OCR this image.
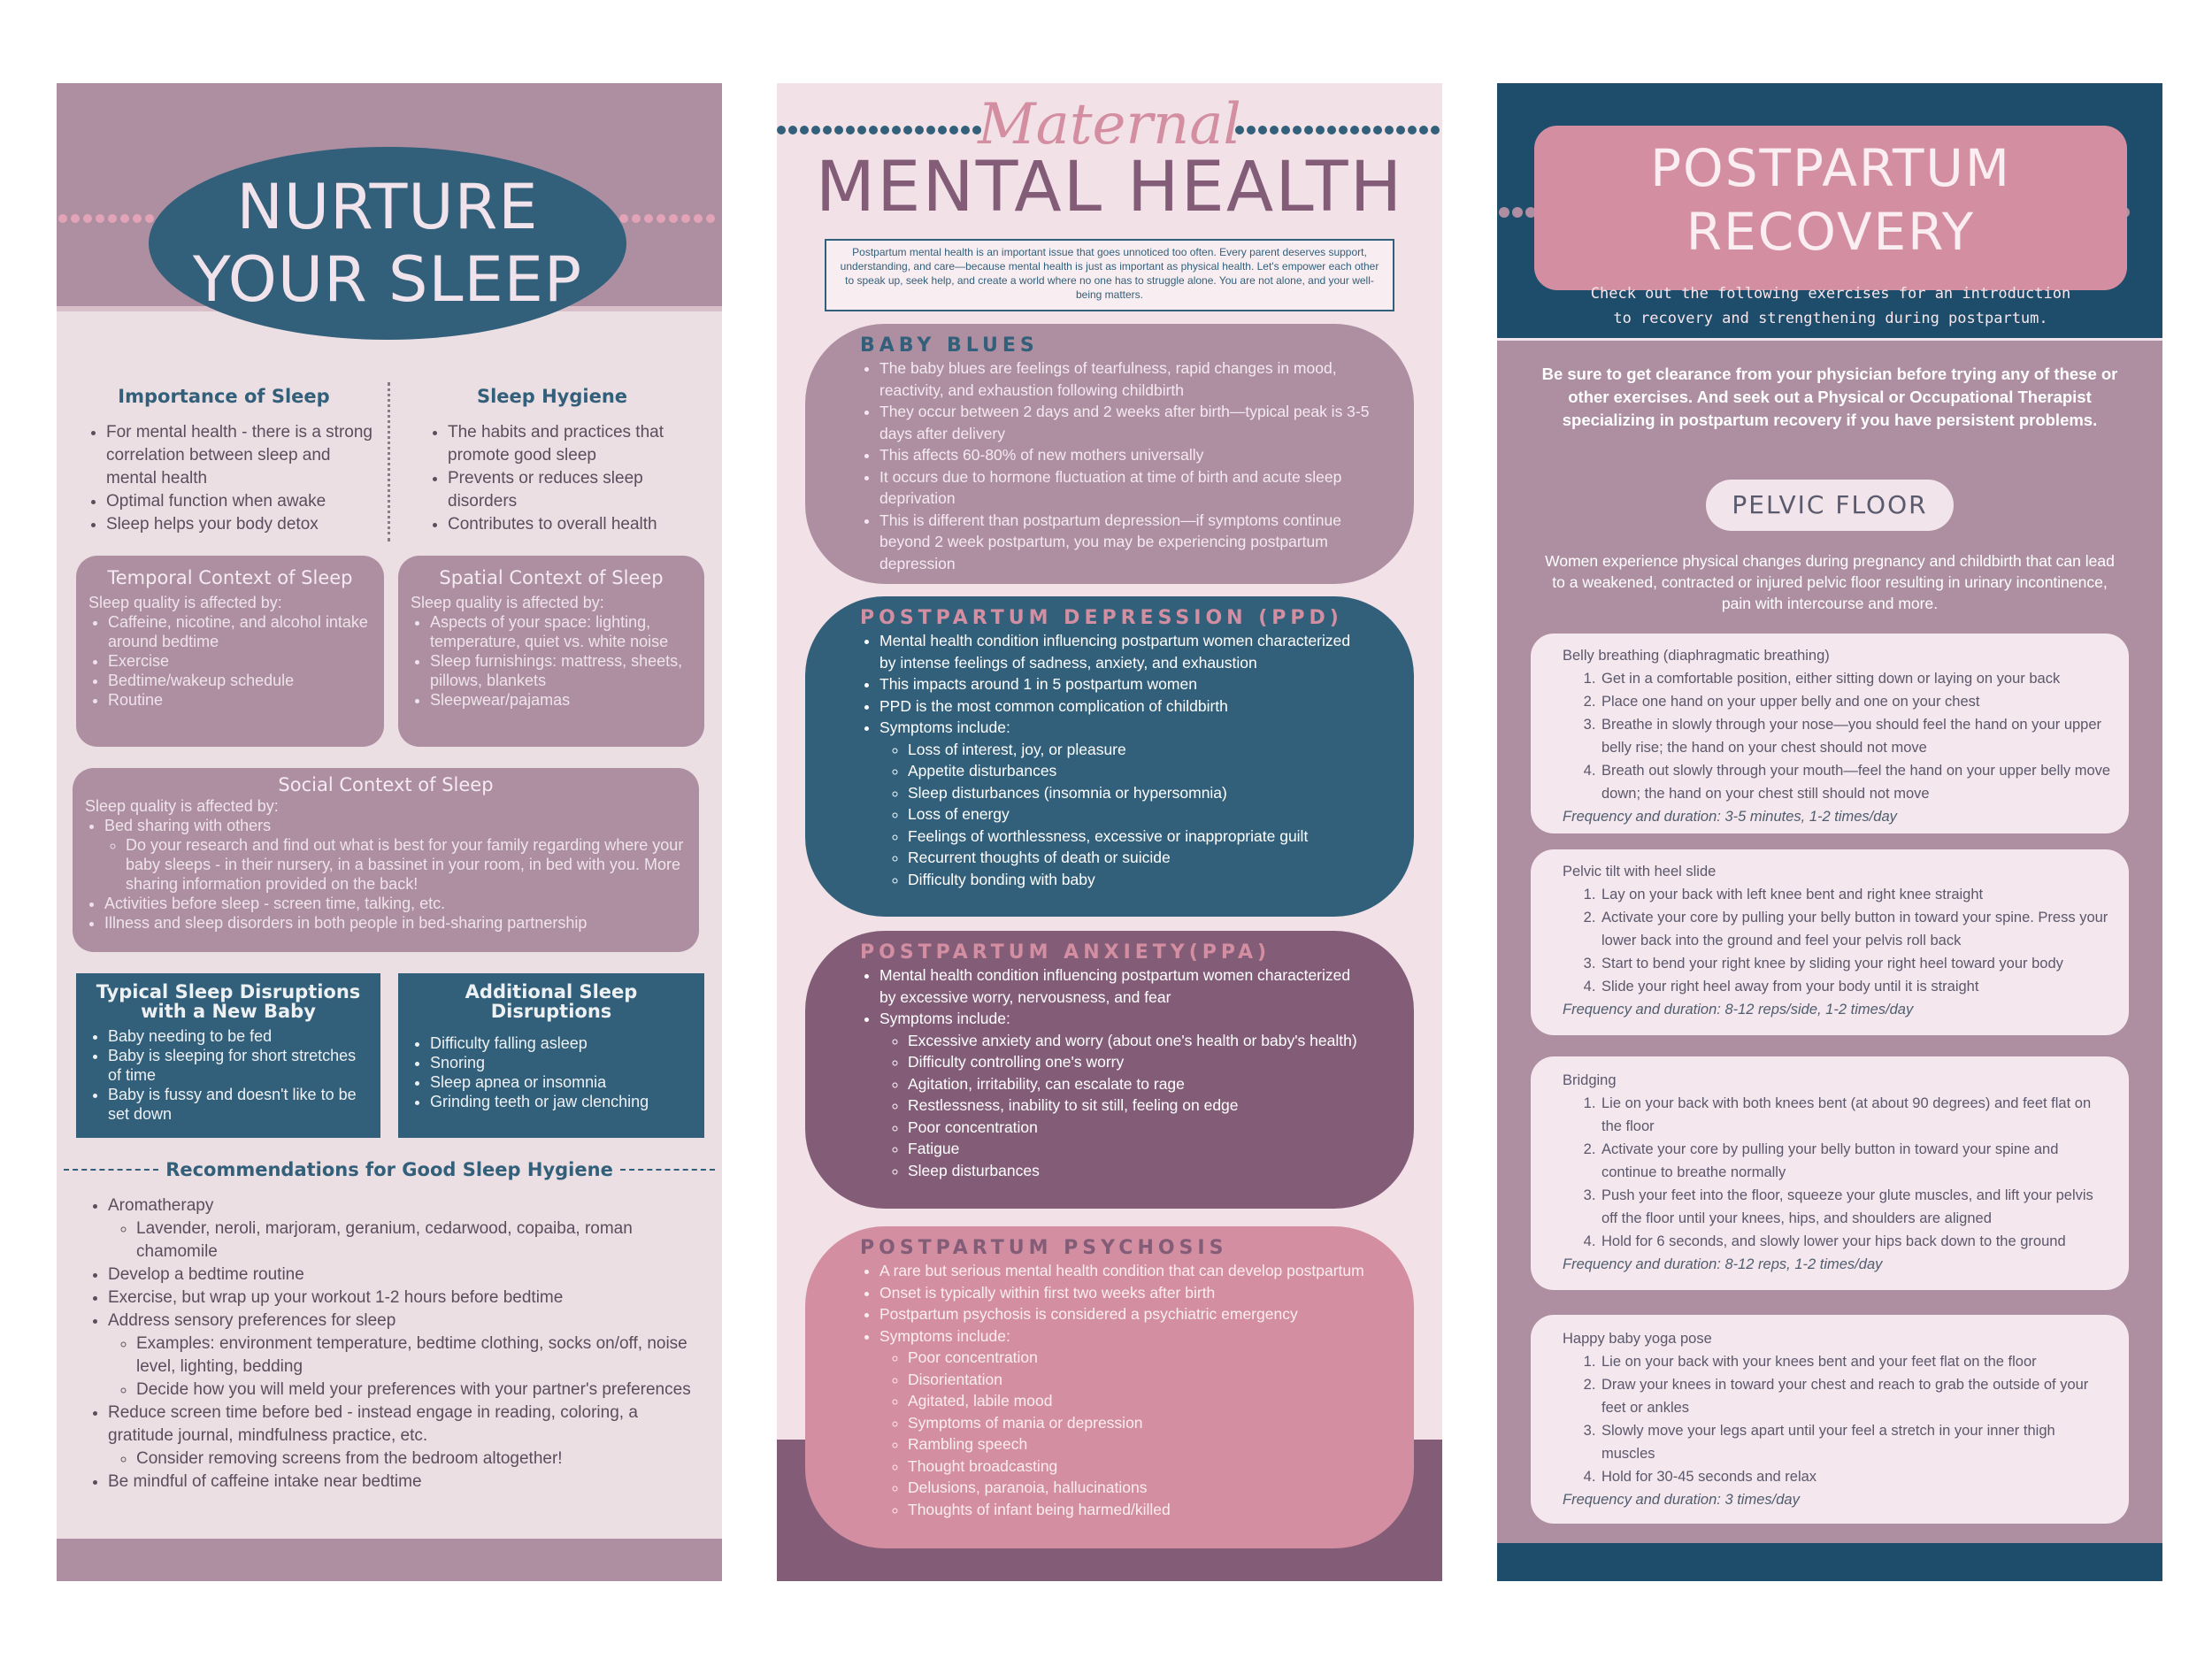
NURTURE
YOUR SLEEP
Importance of Sleep
• For mental health - there is a strong correlation between sleep and mental health
• Optimal function when awake
• Sleep helps your body detox
Sleep Hygiene
• The habits and practices that promote good sleep
• Prevents or reduces sleep disorders
• Contributes to overall health
Temporal Context of Sleep
Sleep quality is affected by:
• Caffeine, nicotine, and alcohol intake around bedtime
• Exercise
• Bedtime/wakeup schedule
• Routine
Spatial Context of Sleep
Sleep quality is affected by:
• Aspects of your space: lighting, temperature, quiet vs. white noise
• Sleep furnishings: mattress, sheets, pillows, blankets
• Sleepwear/pajamas
Social Context of Sleep
Sleep quality is affected by:
• Bed sharing with others
◦ Do your research and find out what is best for your family regarding where your baby sleeps - in their nursery, in a bassinet in your room, in bed with you. More sharing information provided on the back!
• Activities before sleep - screen time, talking, etc.
• Illness and sleep disorders in both people in bed-sharing partnership
Typical Sleep Disruptions with a New Baby
• Baby needing to be fed
• Baby is sleeping for short stretches of time
• Baby is fussy and doesn't like to be set down
Additional Sleep Disruptions
• Difficulty falling asleep
• Snoring
• Sleep apnea or insomnia
• Grinding teeth or jaw clenching
Recommendations for Good Sleep Hygiene
• Aromatherapy
◦ Lavender, neroli, marjoram, geranium, cedarwood, copaiba, roman chamomile
• Develop a bedtime routine
• Exercise, but wrap up your workout 1-2 hours before bedtime
• Address sensory preferences for sleep
◦ Examples: environment temperature, bedtime clothing, socks on/off, noise level, lighting, bedding
◦ Decide how you will meld your preferences with your partner's preferences
• Reduce screen time before bed - instead engage in reading, coloring, a gratitude journal, mindfulness practice, etc.
◦ Consider removing screens from the bedroom altogether!
• Be mindful of caffeine intake near bedtime
Maternal
MENTAL HEALTH
Postpartum mental health is an important issue that goes unnoticed too often. Every parent deserves support, understanding, and care—because mental health is just as important as physical health. Let's empower each other to speak up, seek help, and create a world where no one has to struggle alone. You are not alone, and your well-being matters.
BABY BLUES
• The baby blues are feelings of tearfulness, rapid changes in mood, reactivity, and exhaustion following childbirth
• They occur between 2 days and 2 weeks after birth—typical peak is 3-5 days after delivery
• This affects 60-80% of new mothers universally
• It occurs due to hormone fluctuation at time of birth and acute sleep deprivation
• This is different than postpartum depression—if symptoms continue beyond 2 week postpartum, you may be experiencing postpartum depression
POSTPARTUM DEPRESSION (PPD)
• Mental health condition influencing postpartum women characterized by intense feelings of sadness, anxiety, and exhaustion
• This impacts around 1 in 5 postpartum women
• PPD is the most common complication of childbirth
• Symptoms include:
◦ Loss of interest, joy, or pleasure
◦ Appetite disturbances
◦ Sleep disturbances (insomnia or hypersomnia)
◦ Loss of energy
◦ Feelings of worthlessness, excessive or inappropriate guilt
◦ Recurrent thoughts of death or suicide
◦ Difficulty bonding with baby
POSTPARTUM ANXIETY(PPA)
• Mental health condition influencing postpartum women characterized by excessive worry, nervousness, and fear
• Symptoms include:
◦ Excessive anxiety and worry (about one's health or baby's health)
◦ Difficulty controlling one's worry
◦ Agitation, irritability, can escalate to rage
◦ Restlessness, inability to sit still, feeling on edge
◦ Poor concentration
◦ Fatigue
◦ Sleep disturbances
POSTPARTUM PSYCHOSIS
• A rare but serious mental health condition that can develop postpartum
• Onset is typically within first two weeks after birth
• Postpartum psychosis is considered a psychiatric emergency
• Symptoms include:
◦ Poor concentration
◦ Disorientation
◦ Agitated, labile mood
◦ Symptoms of mania or depression
◦ Rambling speech
◦ Thought broadcasting
◦ Delusions, paranoia, hallucinations
◦ Thoughts of infant being harmed/killed
POSTPARTUM RECOVERY
Check out the following exercises for an introduction to recovery and strengthening during postpartum.
Be sure to get clearance from your physician before trying any of these or other exercises. And seek out a Physical or Occupational Therapist specializing in postpartum recovery if you have persistent problems.
PELVIC FLOOR
Women experience physical changes during pregnancy and childbirth that can lead to a weakened, contracted or injured pelvic floor resulting in urinary incontinence, pain with intercourse and more.
Belly breathing (diaphragmatic breathing)
1. Get in a comfortable position, either sitting down or laying on your back
2. Place one hand on your upper belly and one on your chest
3. Breathe in slowly through your nose—you should feel the hand on your upper belly rise; the hand on your chest should not move
4. Breath out slowly through your mouth—feel the hand on your upper belly move down; the hand on your chest still should not move
Frequency and duration: 3-5 minutes, 1-2 times/day
Pelvic tilt with heel slide
1. Lay on your back with left knee bent and right knee straight
2. Activate your core by pulling your belly button in toward your spine. Press your lower back into the ground and feel your pelvis roll back
3. Start to bend your right knee by sliding your right heel toward your body
4. Slide your right heel away from your body until it is straight
Frequency and duration: 8-12 reps/side, 1-2 times/day
Bridging
1. Lie on your back with both knees bent (at about 90 degrees) and feet flat on the floor
2. Activate your core by pulling your belly button in toward your spine and continue to breathe normally
3. Push your feet into the floor, squeeze your glute muscles, and lift your pelvis off the floor until your knees, hips, and shoulders are aligned
4. Hold for 6 seconds, and slowly lower your hips back down to the ground
Frequency and duration: 8-12 reps, 1-2 times/day
Happy baby yoga pose
1. Lie on your back with your knees bent and your feet flat on the floor
2. Draw your knees in toward your chest and reach to grab the outside of your feet or ankles
3. Slowly move your legs apart until your feel a stretch in your inner thigh muscles
4. Hold for 30-45 seconds and relax
Frequency and duration: 3 times/day
